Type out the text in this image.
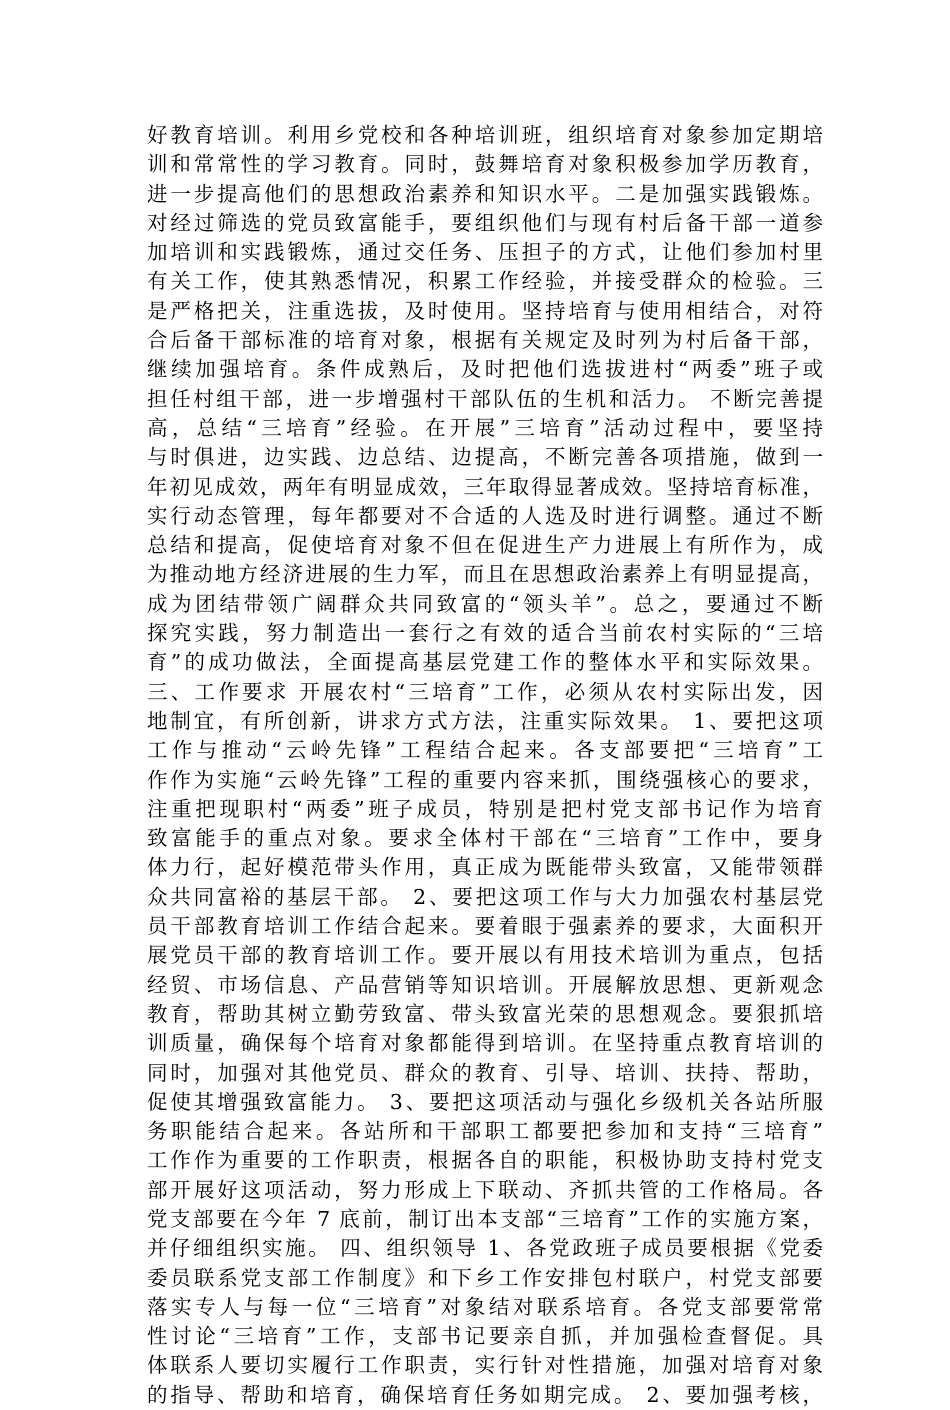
好教育培训。利用乡党校和各种培训班，组织培育对象参加定期培
训和常常性的学习教育。同时，鼓舞培育对象积极参加学历教育，
进一步提高他们的思想政治素养和知识水平。二是加强实践锻炼。
对经过筛选的党员致富能手，要组织他们与现有村后备干部一道参
加培训和实践锻炼，通过交任务、压担子的方式，让他们参加村里
有关工作，使其熟悉情况，积累工作经验，并接受群众的检验。三
是严格把关，注重选拔，及时使用。坚持培育与使用相结合，对符
合后备干部标准的培育对象，根据有关规定及时列为村后备干部，
继续加强培育。条件成熟后，及时把他们选拔进村“两委”班子或
担任村组干部，进一步增强村干部队伍的生机和活力。 不断完善提
高，总结“三培育”经验。在开展”三培育”活动过程中，要坚持
与时俱进，边实践、边总结、边提高，不断完善各项措施，做到一
年初见成效，两年有明显成效，三年取得显著成效。坚持培育标准，
实行动态管理，每年都要对不合适的人选及时进行调整。通过不断
总结和提高，促使培育对象不但在促进生产力进展上有所作为，成
为推动地方经济进展的生力军，而且在思想政治素养上有明显提高，
成为团结带领广阔群众共同致富的“领头羊”。总之，要通过不断
探究实践，努力制造出一套行之有效的适合当前农村实际的“三培
育”的成功做法，全面提高基层党建工作的整体水平和实际效果。
三、工作要求 开展农村“三培育”工作，必须从农村实际出发，因
地制宜，有所创新，讲求方式方法，注重实际效果。 1、要把这项
工作与推动“云岭先锋”工程结合起来。各支部要把“三培育”工
作作为实施“云岭先锋”工程的重要内容来抓，围绕强核心的要求，
注重把现职村“两委”班子成员，特别是把村党支部书记作为培育
致富能手的重点对象。要求全体村干部在“三培育”工作中，要身
体力行，起好模范带头作用，真正成为既能带头致富，又能带领群
众共同富裕的基层干部。 2、要把这项工作与大力加强农村基层党
员干部教育培训工作结合起来。要着眼于强素养的要求，大面积开
展党员干部的教育培训工作。要开展以有用技术培训为重点，包括
经贸、市场信息、产品营销等知识培训。开展解放思想、更新观念
教育，帮助其树立勤劳致富、带头致富光荣的思想观念。要狠抓培
训质量，确保每个培育对象都能得到培训。在坚持重点教育培训的
同时，加强对其他党员、群众的教育、引导、培训、扶持、帮助，
促使其增强致富能力。 3、要把这项活动与强化乡级机关各站所服
务职能结合起来。各站所和干部职工都要把参加和支持“三培育”
工作作为重要的工作职责，根据各自的职能，积极协助支持村党支
部开展好这项活动，努力形成上下联动、齐抓共管的工作格局。各
党支部要在今年 7 底前，制订出本支部“三培育”工作的实施方案，
并仔细组织实施。 四、组织领导 1、各党政班子成员要根据《党委
委员联系党支部工作制度》和下乡工作安排包村联户，村党支部要
落实专人与每一位“三培育”对象结对联系培育。各党支部要常常
性讨论“三培育”工作，支部书记要亲自抓，并加强检查督促。具
体联系人要切实履行工作职责，实行针对性措施，加强对培育对象
的指导、帮助和培育，确保培育任务如期完成。 2、要加强考核，
